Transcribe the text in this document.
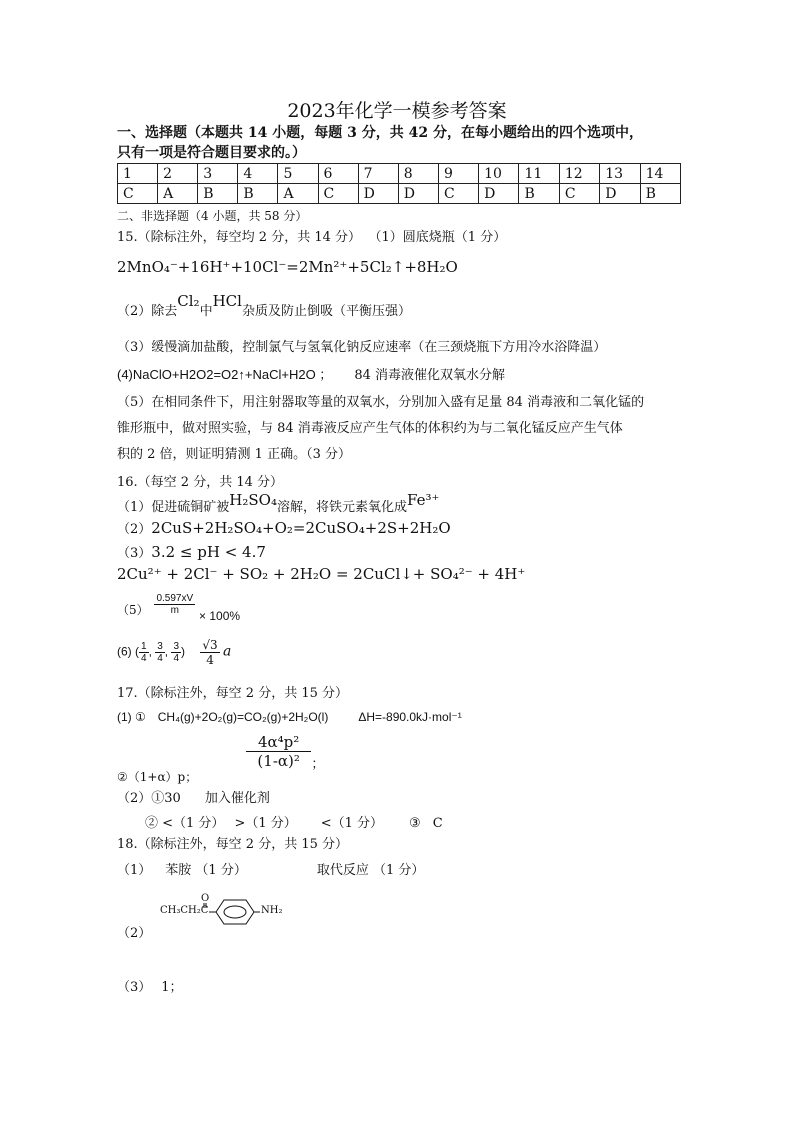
2023年化学一模参考答案
一、选择题（本题共 14 小题，每题 3 分，共 42 分，在每小题给出的四个选项中，
只有一项是符合题目要求的。）
1	2	3	4	5	6	7	8	9	10	11	12	13	14
C	A	B	B	A	C	D	D	C	D	B	C	D	B
二、非选择题（4 小题，共 58 分）
15.（除标注外，每空均 2 分，共 14 分） （1）圆底烧瓶（1 分）
2MnO₄⁻+16H⁺+10Cl⁻=2Mn²⁺+5Cl₂↑+8H₂O
（2）除去Cl₂中HCl杂质及防止倒吸（平衡压强）
（3）缓慢滴加盐酸，控制氯气与氢氧化钠反应速率（在三颈烧瓶下方用冷水浴降温）
(4)NaClO+H2O2=O2↑+NaCl+H2O ； 84 消毒液催化双氧水分解
（5）在相同条件下，用注射器取等量的双氧水，分别加入盛有足量 84 消毒液和二氧化锰的
锥形瓶中，做对照实验，与 84 消毒液反应产生气体的体积约为与二氧化锰反应产生气体
积的 2 倍，则证明猜测 1 正确。（3 分）
16.（每空 2 分，共 14 分）
（1）促进硫铜矿被H₂SO₄溶解，将铁元素氧化成Fe³⁺
（2）2CuS+2H₂SO₄+O₂=2CuSO₄+2S+2H₂O
（3）3.2 ≤ pH < 4.7
2Cu²⁺ + 2Cl⁻ + SO₂ + 2H₂O = 2CuCl↓+ SO₄²⁻ + 4H⁺
$(5) \frac{0.597xV}{m} \times 100\%$
(6) ( $\frac{1}{4}$ , $\frac{3}{4}$ , $\frac{3}{4}$ ) $\frac{√3}{4}$ a
17.（除标注外，每空 2 分，共 15 分）
(1) ① CH₄(g)+2O₂(g)=CO₂(g)+2H₂O(l)	ΔH=-890.0kJ·mol⁻¹
②（1+α）p；
$\frac{\text{4α⁴p²}}{\text{(1-α)²}} _;$
（2）①30 加入催化剂
② <（1 分） >（1 分） <（1 分） ③ C
18.（除标注外，每空 2 分，共 15 分）
（1） 苯胺 （1 分）	取代反应 （1 分）
CH₃CH₂C
O
NH₂
（2）
（3） 1；
